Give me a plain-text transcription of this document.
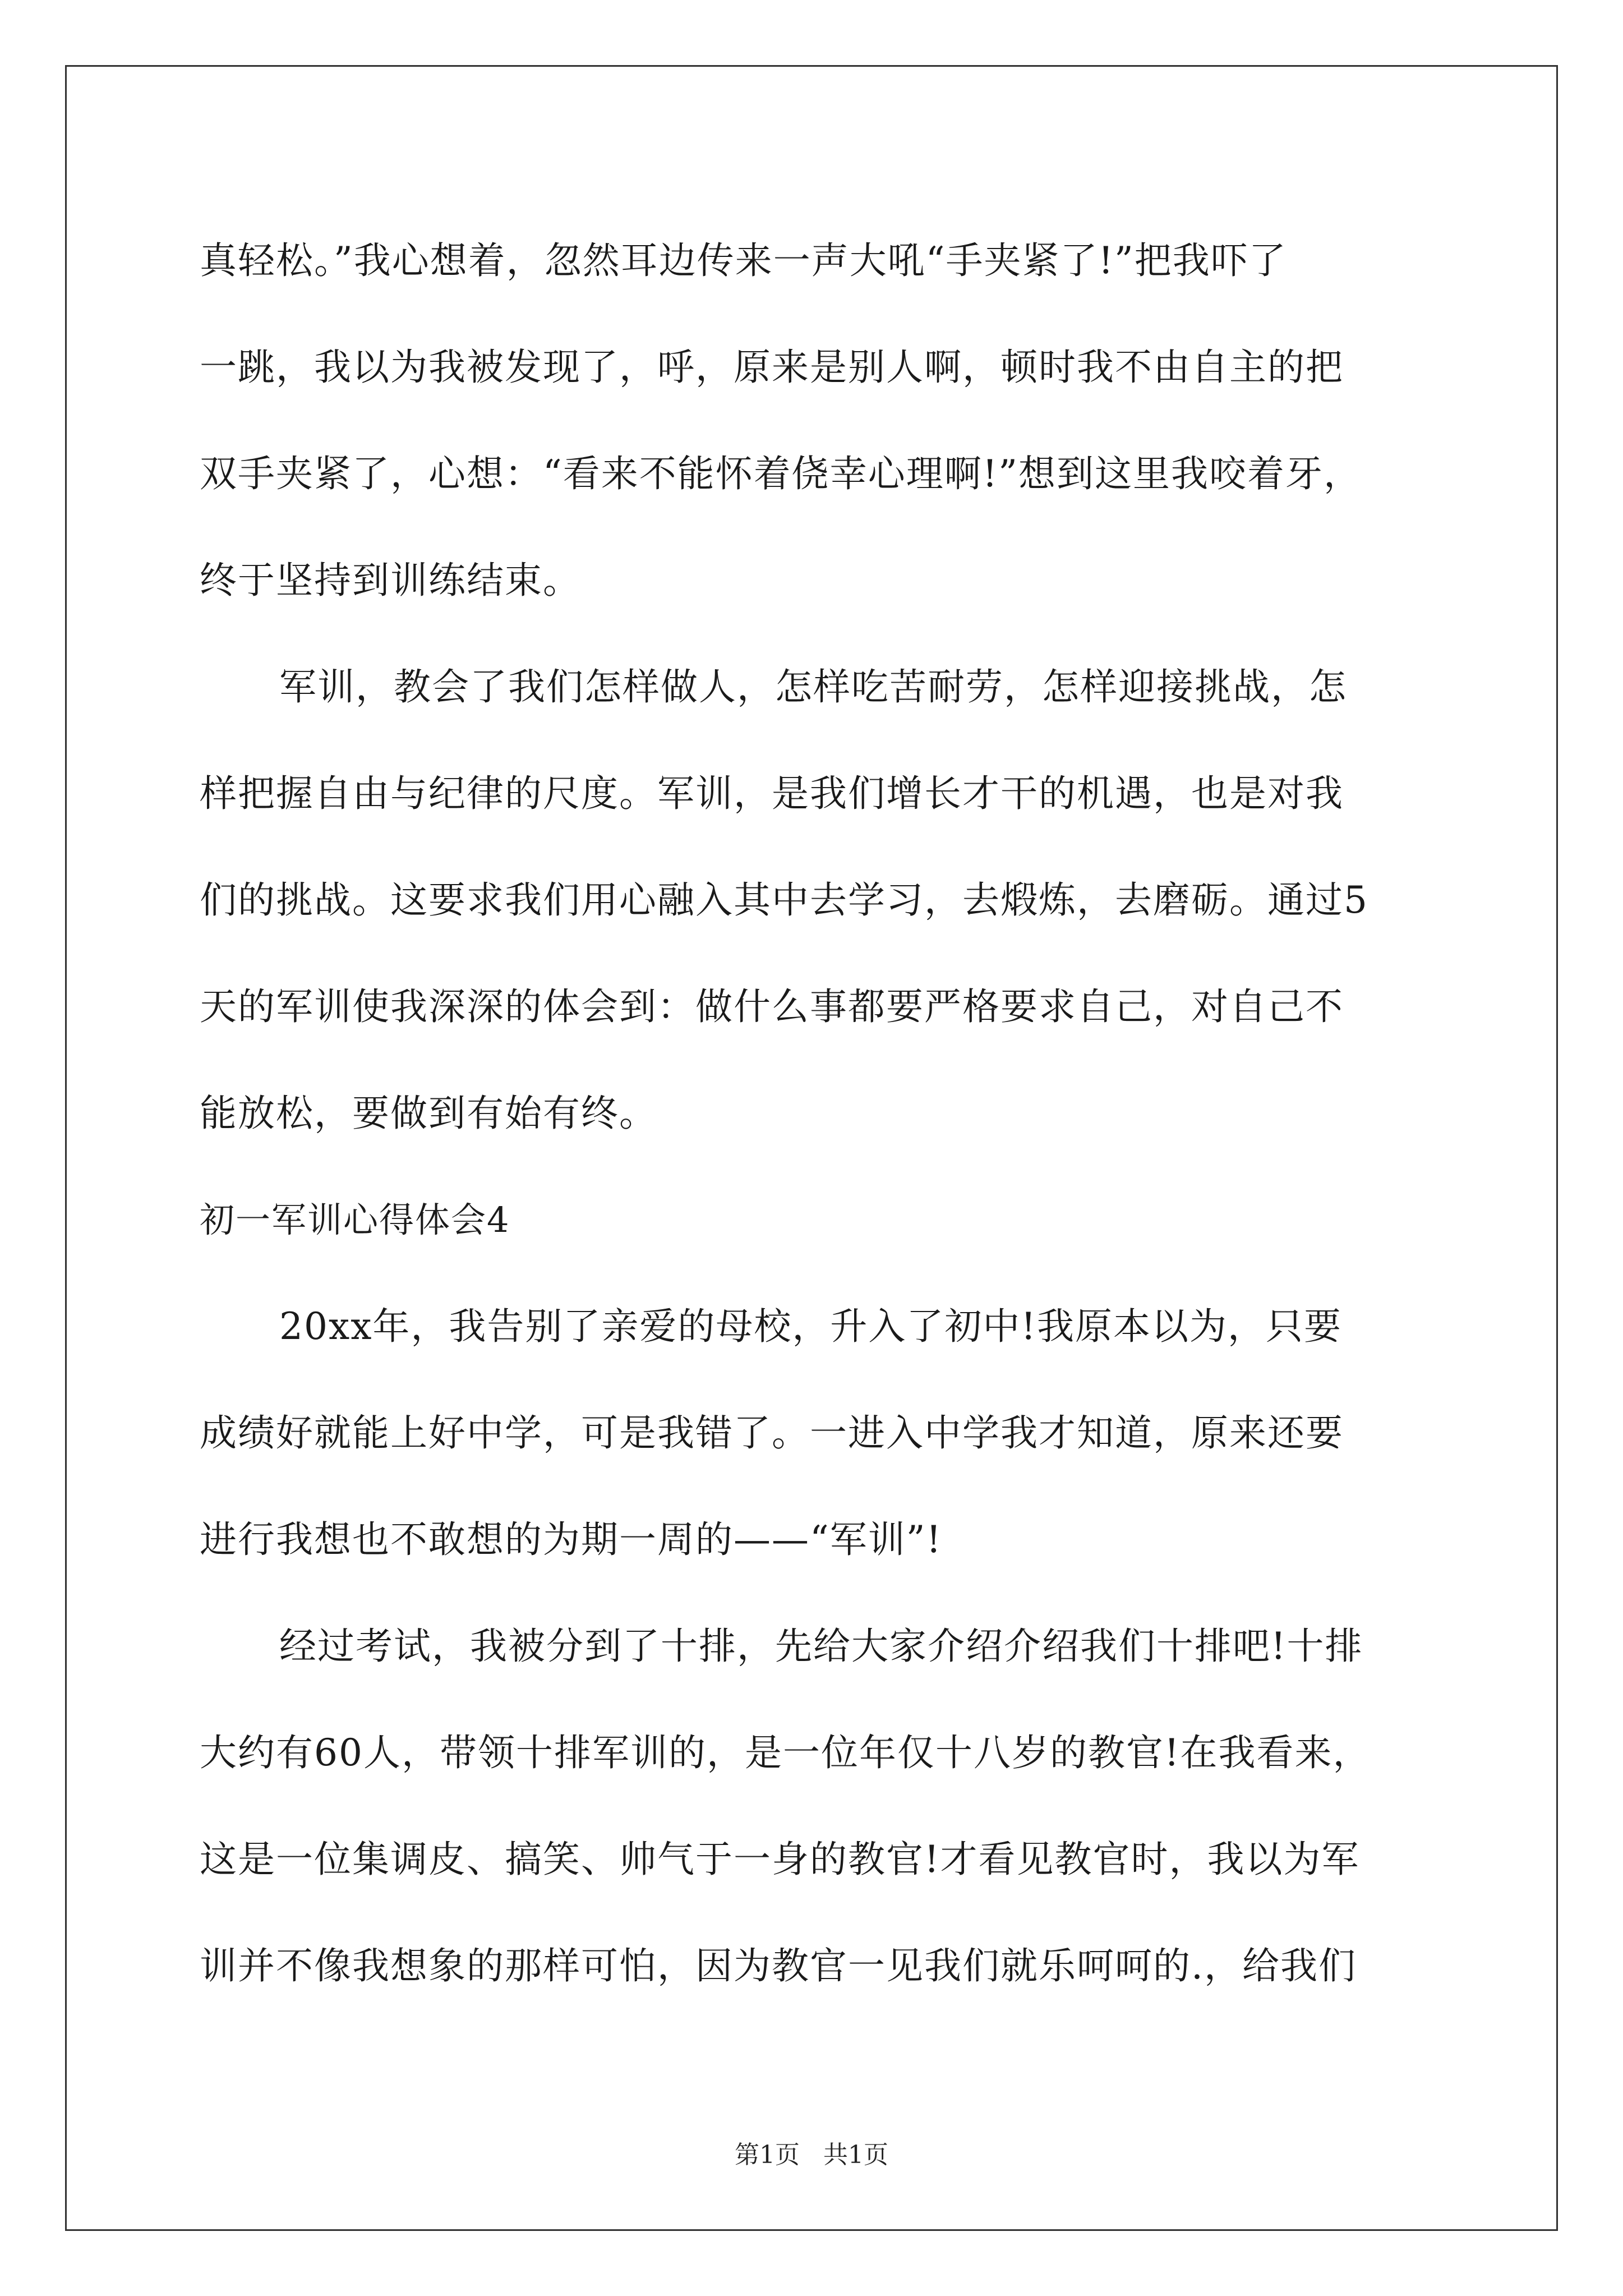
真轻松。”我心想着，忽然耳边传来一声大吼“手夹紧了!”把我吓了
一跳，我以为我被发现了，呼，原来是别人啊，顿时我不由自主的把
双手夹紧了，心想：“看来不能怀着侥幸心理啊!”想到这里我咬着牙，
终于坚持到训练结束。
军训，教会了我们怎样做人，怎样吃苦耐劳，怎样迎接挑战，怎
样把握自由与纪律的尺度。军训，是我们增长才干的机遇，也是对我
们的挑战。这要求我们用心融入其中去学习，去煅炼，去磨砺。通过5
天的军训使我深深的体会到：做什么事都要严格要求自己，对自己不
能放松，要做到有始有终。
初一军训心得体会4
20xx年，我告别了亲爱的母校，升入了初中!我原本以为，只要
成绩好就能上好中学，可是我错了。一进入中学我才知道，原来还要
进行我想也不敢想的为期一周的——“军训”!
经过考试，我被分到了十排，先给大家介绍介绍我们十排吧!十排
大约有60人，带领十排军训的，是一位年仅十八岁的教官!在我看来，
这是一位集调皮、搞笑、帅气于一身的教官!才看见教官时，我以为军
训并不像我想象的那样可怕，因为教官一见我们就乐呵呵的.，给我们
第1页 共1页
